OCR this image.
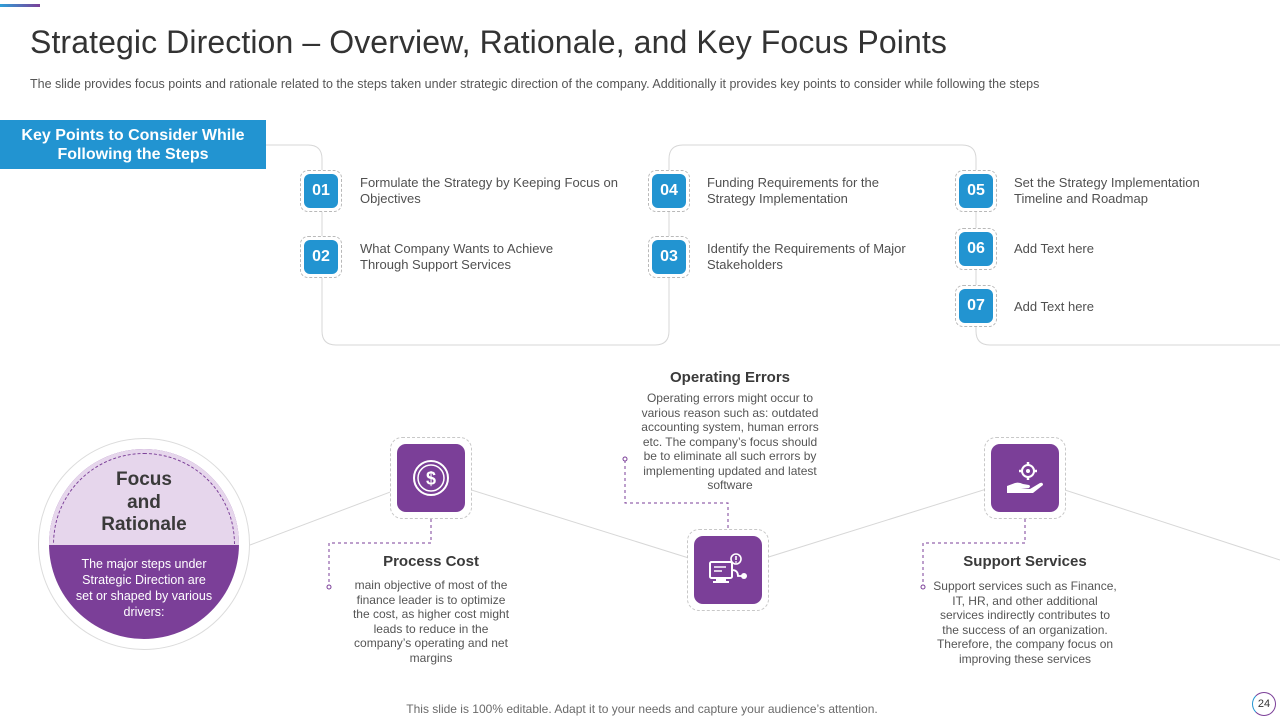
Strategic Direction – Overview, Rationale, and Key Focus Points
The slide provides focus points and rationale related to the steps taken under strategic direction of the company. Additionally it provides key points to consider while following the steps
Key Points to Consider While Following the Steps
01	Formulate the Strategy by Keeping Focus on Objectives
02	What Company Wants to Achieve Through Support Services
04	Funding Requirements for the Strategy Implementation
03	Identify the Requirements of Major Stakeholders
05	Set the Strategy Implementation Timeline and Roadmap
06	Add Text here
07	Add Text here
Focus
and
Rationale
The major steps under Strategic Direction are set or shaped by various drivers:
$
Process Cost
main objective of most of the finance leader is to optimize the cost, as higher cost might leads to reduce in the company’s operating and net margins
Operating Errors
Operating errors might occur to various reason such as: outdated accounting system, human errors etc. The company’s focus should be to eliminate all such errors by implementing updated and latest software
Support Services
Support services such as Finance, IT, HR, and other additional services indirectly contributes to the success of an organization. Therefore, the company focus on improving these services
This slide is 100% editable. Adapt it to your needs and capture your audience’s attention.	24
